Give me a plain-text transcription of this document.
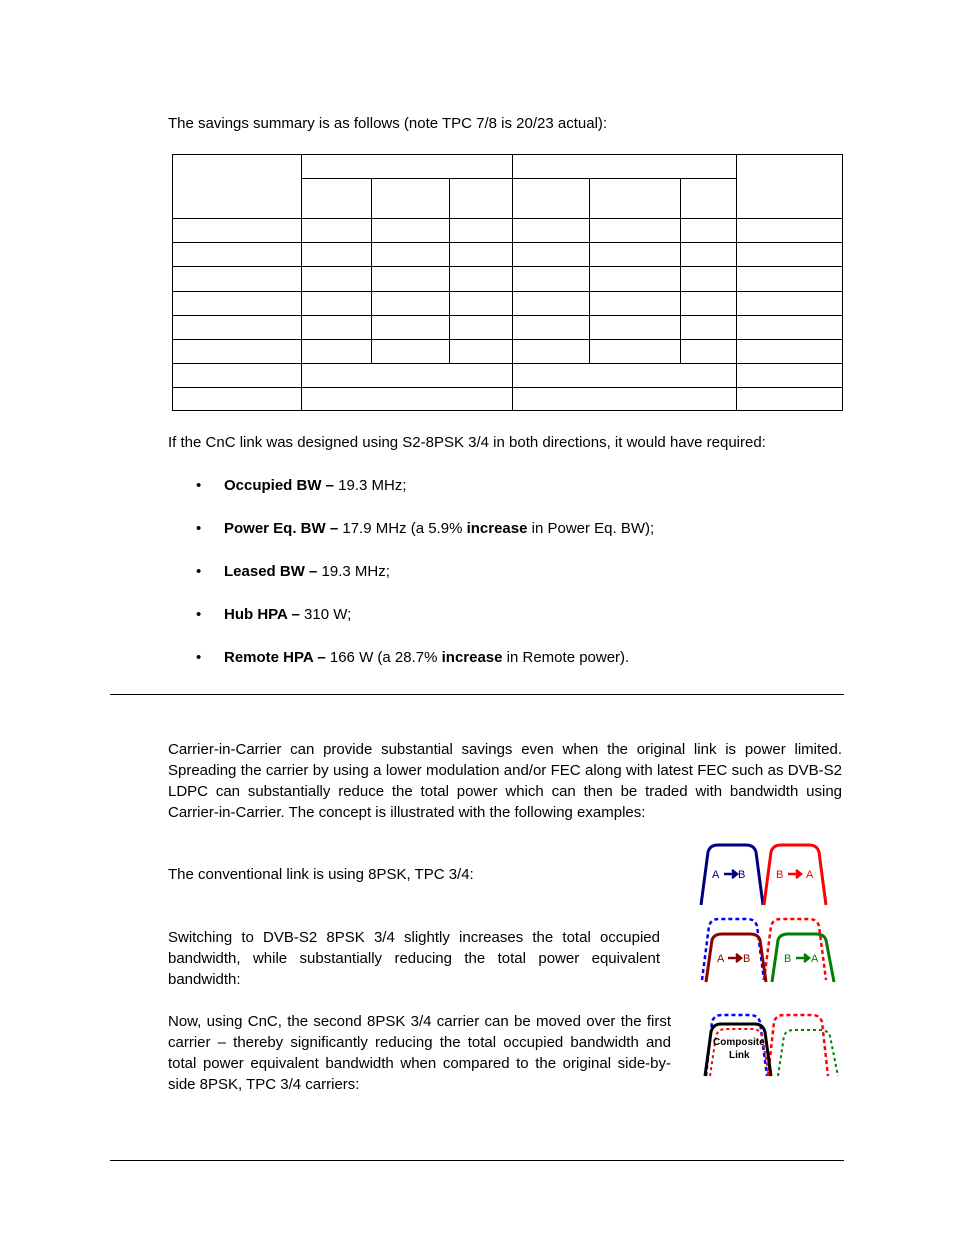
The savings summary is as follows (note TPC 7/8 is 20/23 actual):

If the CnC link was designed using S2-8PSK 3/4 in both directions, it would have required:

•	Occupied BW – 19.3 MHz;
•	Power Eq. BW – 17.9 MHz (a 5.9% increase in Power Eq. BW);
•	Leased BW – 19.3 MHz;
•	Hub HPA – 310 W;
•	Remote HPA – 166 W (a 28.7% increase in Remote power).

Carrier-in-Carrier can provide substantial savings even when the original link is power limited. Spreading the carrier by using a lower modulation and/or FEC along with latest FEC such as DVB-S2 LDPC can substantially reduce the total power which can then be traded with bandwidth using Carrier-in-Carrier. The concept is illustrated with the following examples:

The conventional link is using 8PSK, TPC 3/4:

Switching to DVB-S2 8PSK 3/4 slightly increases the total occupied bandwidth, while substantially reducing the total power equivalent bandwidth:

Now, using CnC, the second 8PSK 3/4 carrier can be moved over the first carrier – thereby significantly reducing the total occupied bandwidth and total power equivalent bandwidth when compared to the original side-by-side 8PSK, TPC 3/4 carriers:

A B	B A
A B	B A
Composite
Link
